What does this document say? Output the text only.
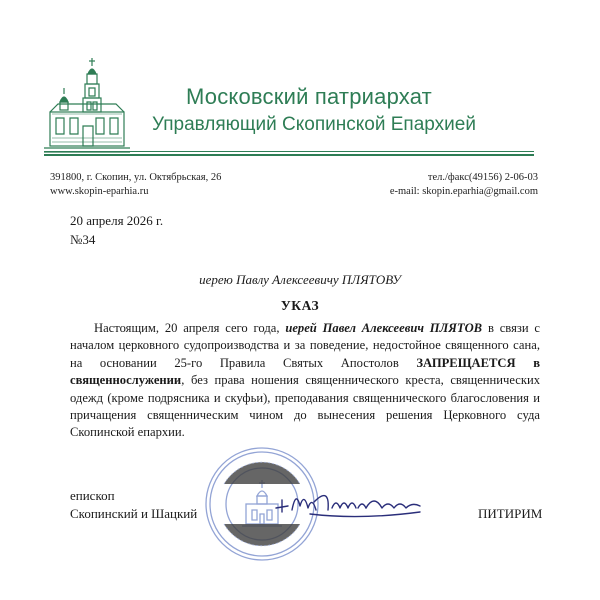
Московский патриархат
Управляющий Скопинской Епархией
391800, г. Скопин, ул. Октябрьская, 26
www.skopin-eparhia.ru
тел./факс(49156) 2-06-03
e-mail: skopin.eparhia@gmail.com
20 апреля 2026 г.
№34
иерею Павлу Алексеевичу ПЛЯТОВУ
УКАЗ
Настоящим, 20 апреля сего года, иерей Павел Алексеевич ПЛЯТОВ в связи с началом церковного судопроизводства и за поведение, недостойное священного сана, на основании 25-го Правила Святых Апостолов ЗАПРЕЩАЕТСЯ в священнослужении, без права ношения священнического креста, священнических одежд (кроме подрясника и скуфьи), преподавания священнического благословения и причащения священническим чином до вынесения решения Церковного суда Скопинской епархии.
епископ
Скопинский и Шацкий	ПИТИРИМ
